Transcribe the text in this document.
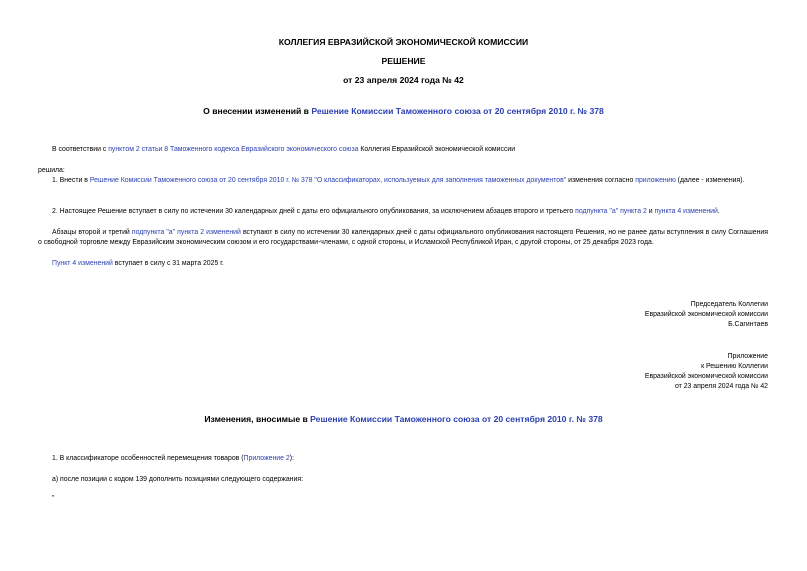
КОЛЛЕГИЯ ЕВРАЗИЙСКОЙ ЭКОНОМИЧЕСКОЙ КОМИССИИ
РЕШЕНИЕ
от 23 апреля 2024 года № 42
О внесении изменений в Решение Комиссии Таможенного союза от 20 сентября 2010 г. № 378
В соответствии с пунктом 2 статьи 8 Таможенного кодекса Евразийского экономического союза Коллегия Евразийской экономической комиссии
решила:
1. Внести в Решение Комиссии Таможенного союза от 20 сентября 2010 г. № 378 "О классификаторах, используемых для заполнения таможенных документов" изменения согласно приложению (далее - изменения).
2. Настоящее Решение вступает в силу по истечении 30 календарных дней с даты его официального опубликования, за исключением абзацев второго и третьего подпункта "а" пункта 2 и пункта 4 изменений.
Абзацы второй и третий подпункта "а" пункта 2 изменений вступают в силу по истечении 30 календарных дней с даты официального опубликования настоящего Решения, но не ранее даты вступления в силу Соглашения о свободной торговле между Евразийским экономическим союзом и его государствами-членами, с одной стороны, и Исламской Республикой Иран, с другой стороны, от 25 декабря 2023 года.
Пункт 4 изменений вступает в силу с 31 марта 2025 г.
Председатель Коллегии
Евразийской экономической комиссии
Б.Сагинтаев
Приложение
к Решению Коллегии
Евразийской экономической комиссии
от 23 апреля 2024 года № 42
Изменения, вносимые в Решение Комиссии Таможенного союза от 20 сентября 2010 г. № 378
1. В классификаторе особенностей перемещения товаров (Приложение 2):
а) после позиции с кодом 139 дополнить позициями следующего содержания:
"
